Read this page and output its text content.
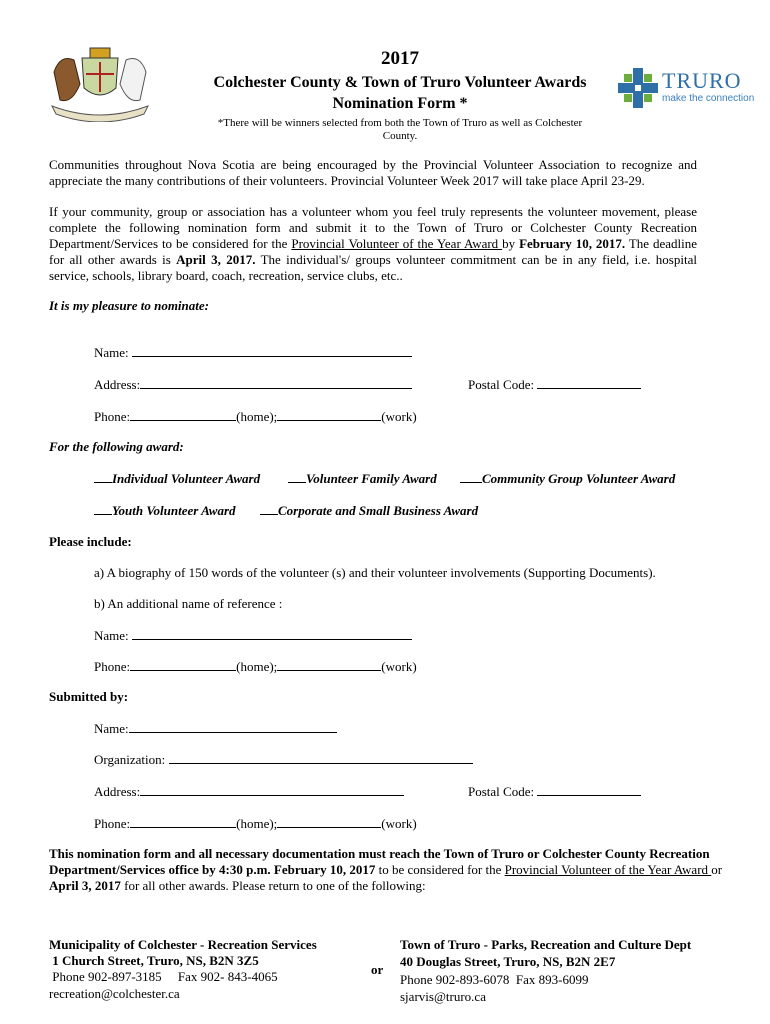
2017
Colchester County & Town of Truro Volunteer Awards
Nomination Form *
*There will be winners selected from both the Town of Truro as well as Colchester
County.
TRURO
make the connection
Communities throughout Nova Scotia are being encouraged by the Provincial Volunteer Association to recognize and appreciate the many contributions of their volunteers. Provincial Volunteer Week 2017 will take place April 23-29.
If your community, group or association has a volunteer whom you feel truly represents the volunteer movement, please complete the following nomination form and submit it to the Town of Truro or Colchester County Recreation Department/Services to be considered for the Provincial Volunteer of the Year Award by February 10, 2017. The deadline for all other awards is April 3, 2017. The individual's/ groups volunteer commitment can be in any field, i.e. hospital service, schools, library board, coach, recreation, service clubs, etc..
It is my pleasure to nominate:
Name:
Address:	Postal Code:
Phone:	(home);	(work)
For the following award:
Individual Volunteer Award	Volunteer Family Award	Community Group Volunteer Award
Youth Volunteer Award	Corporate and Small Business Award
Please include:
a) A biography of 150 words of the volunteer (s) and their volunteer involvements (Supporting Documents).
b) An additional name of reference :
Name:
Phone:	(home);	(work)
Submitted by:
Name:
Organization:
Address:	Postal Code:
Phone:	(home);	(work)
This nomination form and all necessary documentation must reach the Town of Truro or Colchester County Recreation Department/Services office by 4:30 p.m. February 10, 2017 to be considered for the Provincial Volunteer of the Year Award or April 3, 2017 for all other awards. Please return to one of the following:
Municipality of Colchester - Recreation Services
1 Church Street, Truro, NS, B2N 3Z5
Phone 902-897-3185     Fax 902- 843-4065
recreation@colchester.ca
or
Town of Truro - Parks, Recreation and Culture Dept
40 Douglas Street, Truro, NS, B2N 2E7
Phone 902-893-6078  Fax 893-6099
sjarvis@truro.ca
